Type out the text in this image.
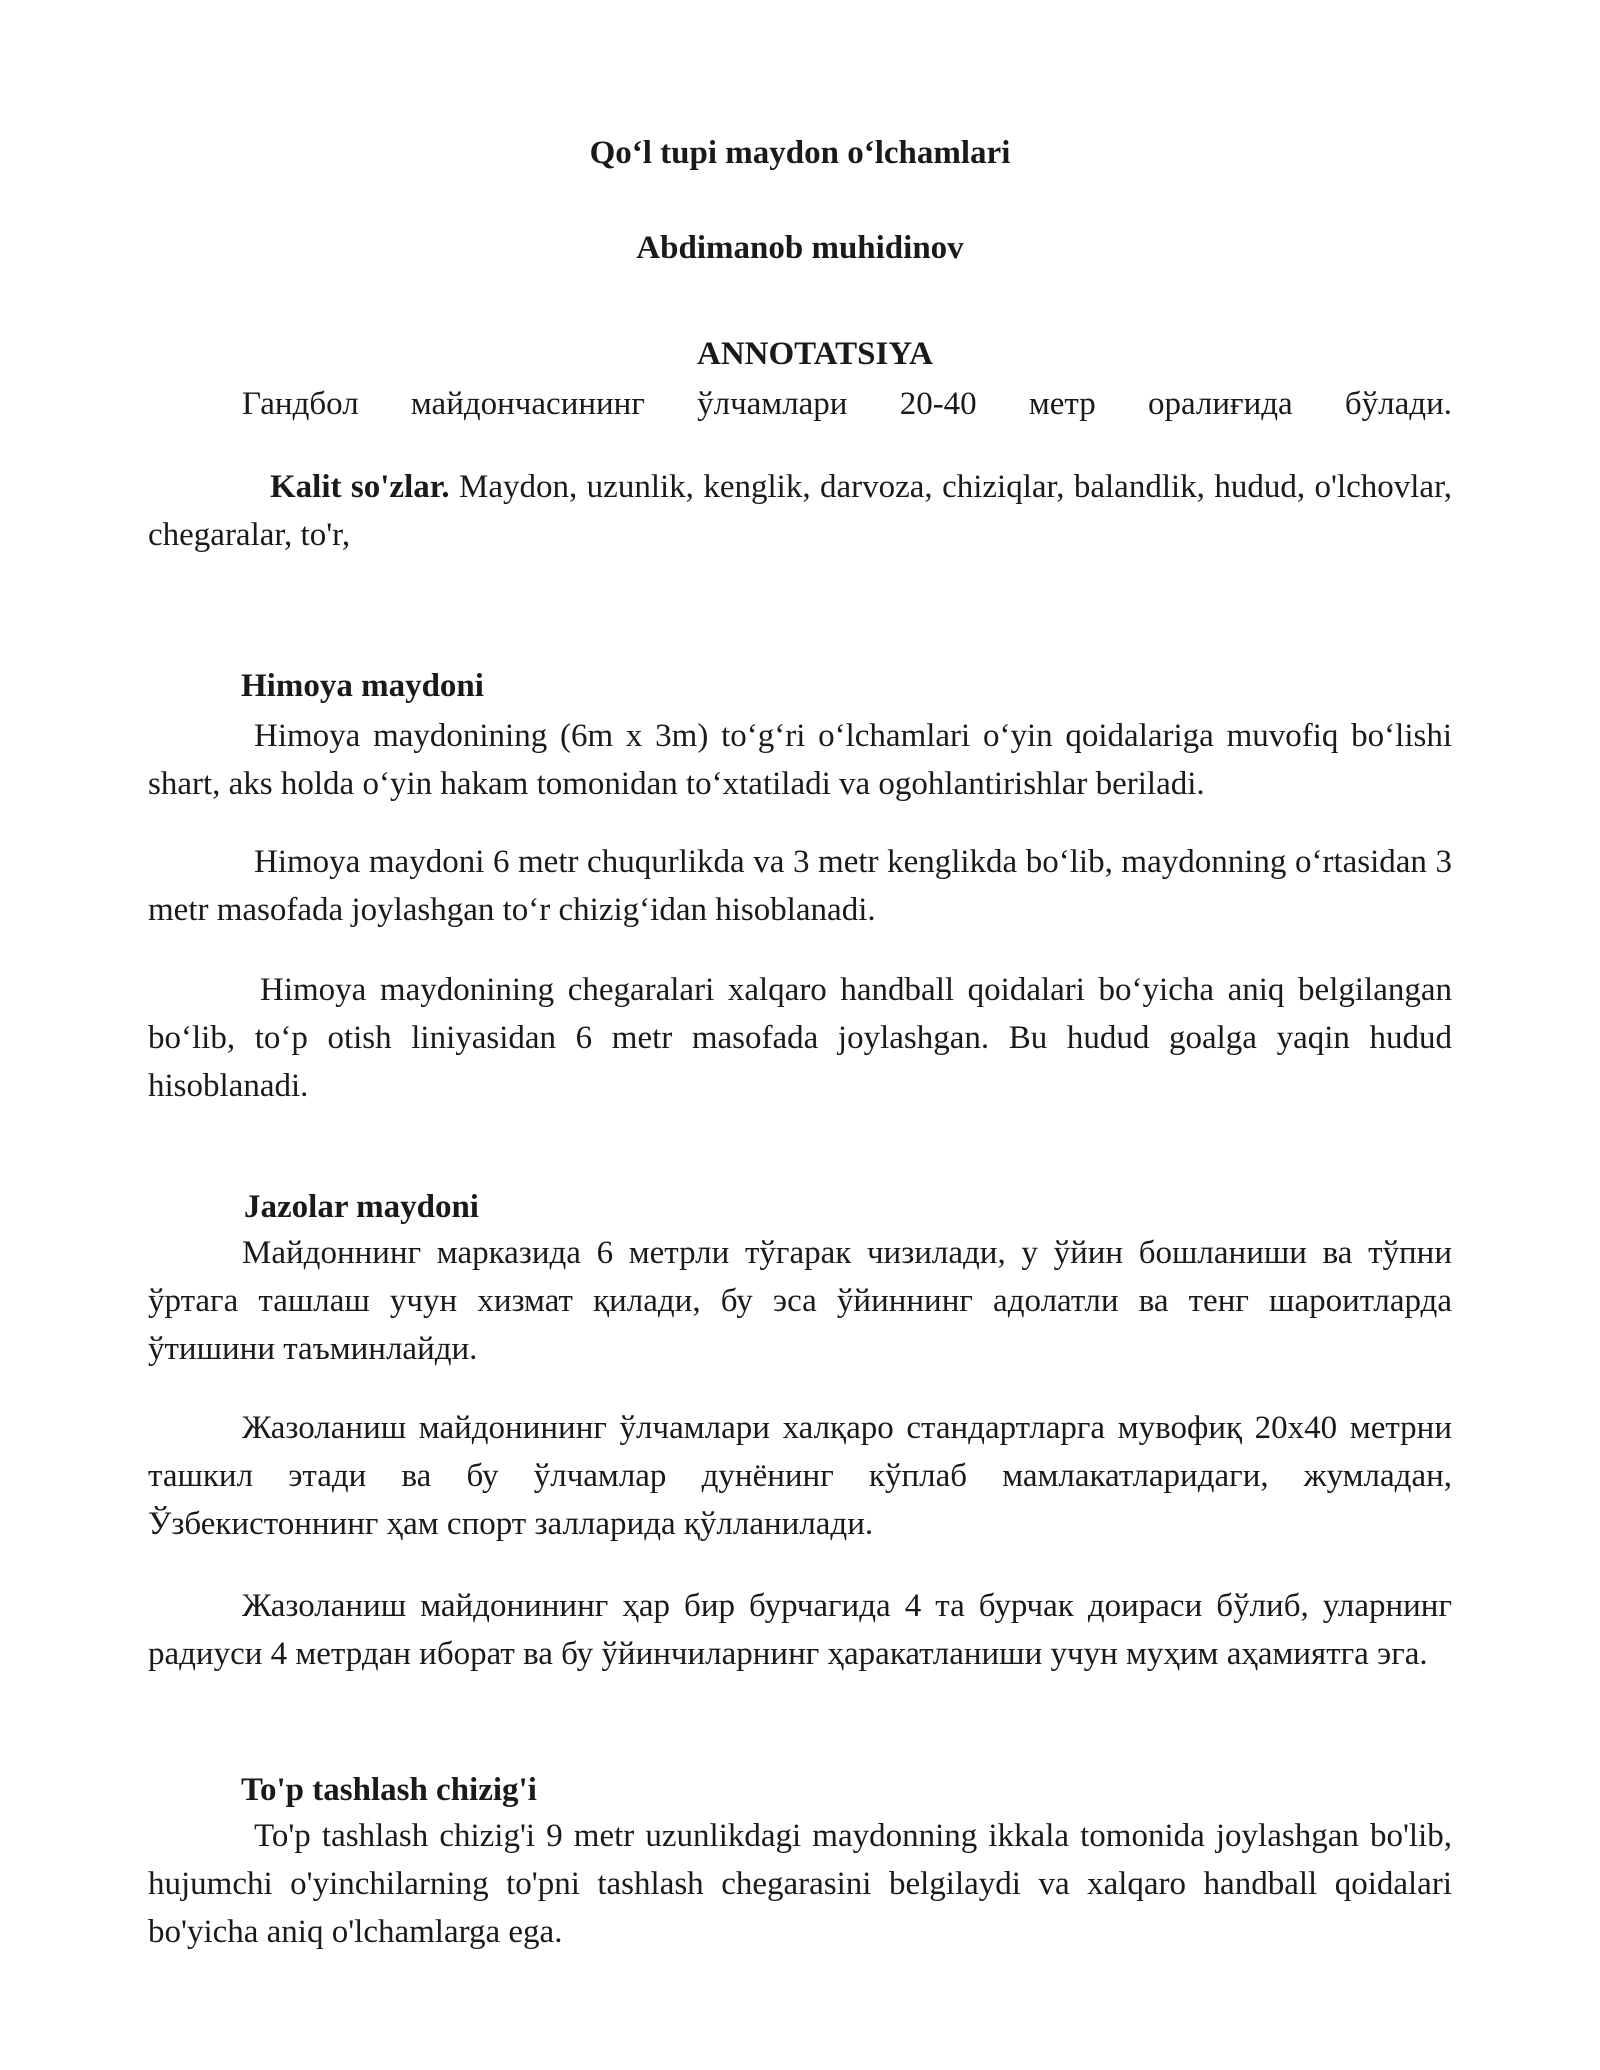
Qo‘l tupi maydon o‘lchamlari

Abdimanob muhidinov

ANNOTATSIYA

Гандбол майдончасининг ўлчамлари 20-40 метр оралиғида бўлади.

Kalit so'zlar. Maydon, uzunlik, kenglik, darvoza, chiziqlar, balandlik, hudud, o'lchovlar, chegaralar, to'r,

Himoya maydoni

Himoya maydonining (6m x 3m) to‘g‘ri o‘lchamlari o‘yin qoidalariga muvofiq bo‘lishi shart, aks holda o‘yin hakam tomonidan to‘xtatiladi va ogohlantirishlar beriladi.

Himoya maydoni 6 metr chuqurlikda va 3 metr kenglikda bo‘lib, maydonning o‘rtasidan 3 metr masofada joylashgan to‘r chizig‘idan hisoblanadi.

Himoya maydonining chegaralari xalqaro handball qoidalari bo‘yicha aniq belgilangan bo‘lib, to‘p otish liniyasidan 6 metr masofada joylashgan. Bu hudud goalga yaqin hudud hisoblanadi.

Jazolar maydoni

Майдоннинг марказида 6 метрли тўгарак чизилади, у ўйин бошланиши ва тўпни ўртага ташлаш учун хизмат қилади, бу эса ўйиннинг адолатли ва тенг шароитларда ўтишини таъминлайди.

Жазоланиш майдонининг ўлчамлари халқаро стандартларга мувофиқ 20х40 метрни ташкил этади ва бу ўлчамлар дунёнинг кўплаб мамлакатларидаги, жумладан, Ўзбекистоннинг ҳам спорт залларида қўлланилади.

Жазоланиш майдонининг ҳар бир бурчагида 4 та бурчак доираси бўлиб, уларнинг радиуси 4 метрдан иборат ва бу ўйинчиларнинг ҳаракатланиши учун муҳим аҳамиятга эга.

To'p tashlash chizig'i

To'p tashlash chizig'i 9 metr uzunlikdagi maydonning ikkala tomonida joylashgan bo'lib, hujumchi o'yinchilarning to'pni tashlash chegarasini belgilaydi va xalqaro handball qoidalari bo'yicha aniq o'lchamlarga ega.
